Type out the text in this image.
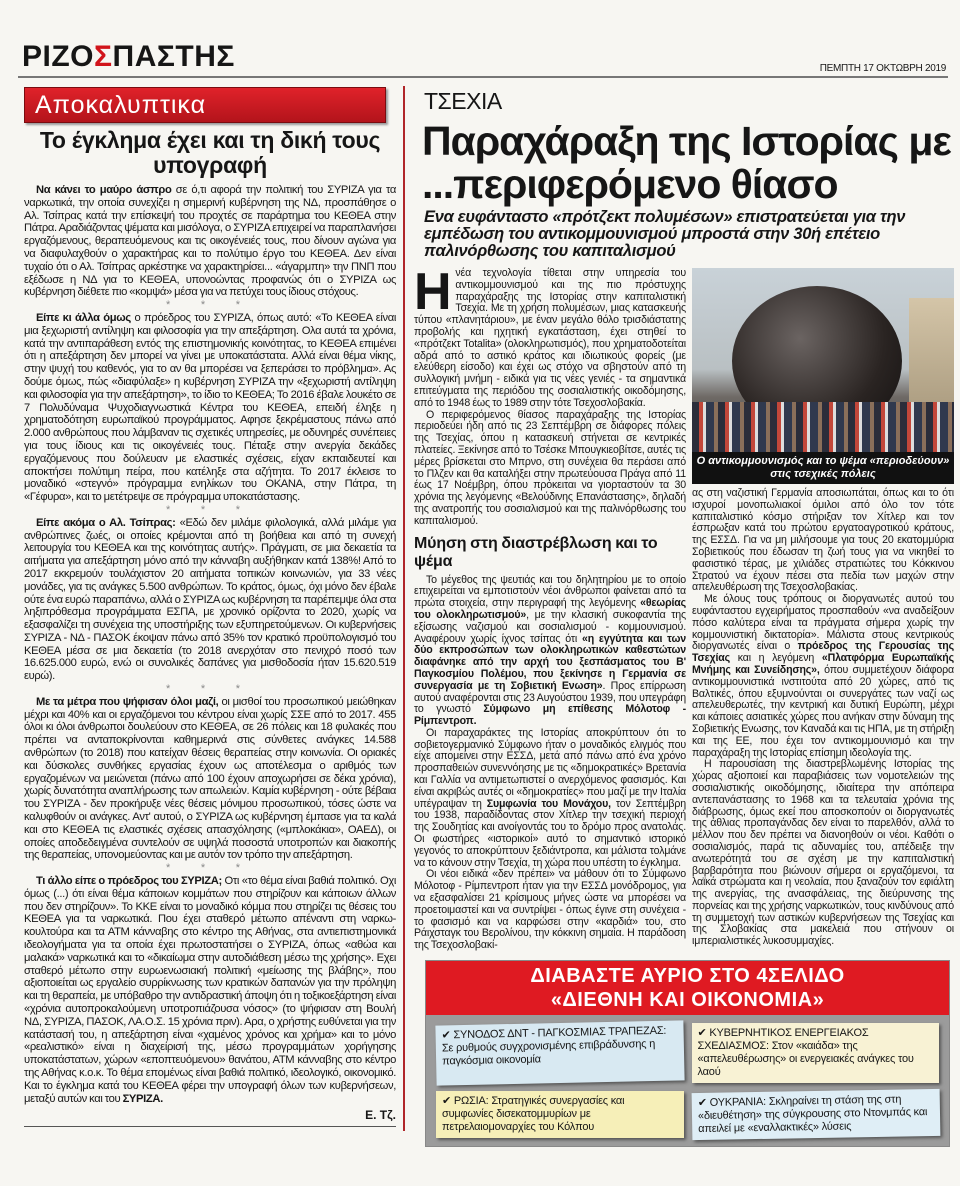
ΡΙΖΟΣΠΑΣΤΗΣ	ΠΕΜΠΤΗ 17 ΟΚΤΩΒΡΗ 2019
Αποκαλυπτικα
Το έγκλημα έχει και τη δική τους υπογραφή

Να κάνει το μαύρο άσπρο σε ό,τι αφορά την πολιτική του ΣΥΡΙΖΑ για τα ναρκωτικά, την οποία συνεχίζει η σημερινή κυβέρνηση της ΝΔ, προσπάθησε ο Αλ. Τσίπρας κατά την επίσκεψή του προχτές σε παράρτημα του ΚΕΘΕΑ στην Πάτρα. Αραδιάζοντας ψέματα και μισόλογα, ο ΣΥΡΙΖΑ επιχειρεί να παραπλανήσει εργαζόμενους, θεραπευόμενους και τις οικογένειές τους, που δίνουν αγώνα για να διαφυλαχθούν ο χαρακτήρας και το πολύτιμο έργο του ΚΕΘΕΑ. Δεν είναι τυχαίο ότι ο Αλ. Τσίπρας αρκέστηκε να χαρακτηρίσει... «άγαρμπη» την ΠΝΠ που εξέδωσε η ΝΔ για το ΚΕΘΕΑ, υπονοώντας προφανώς ότι ο ΣΥΡΙΖΑ ως κυβέρνηση διέθετε πιο «κομψά» μέσα για να πετύχει τους ίδιους στόχους.

* * *

Είπε κι άλλα όμως ο πρόεδρος του ΣΥΡΙΖΑ, όπως αυτό: «Το ΚΕΘΕΑ είναι μια ξεχωριστή αντίληψη και φιλοσοφία για την απεξάρτηση. Ολα αυτά τα χρόνια, κατά την αντιπαράθεση εντός της επιστημονικής κοινότητας, το ΚΕΘΕΑ επιμένει ότι η απεξάρτηση δεν μπορεί να γίνει με υποκατάστατα. Αλλά είναι θέμα νίκης, στην ψυχή του καθενός, για το αν θα μπορέσει να ξεπεράσει το πρόβλημα». Ας δούμε όμως, πώς «διαφύλαξε» η κυβέρνηση ΣΥΡΙΖΑ την «ξεχωριστή αντίληψη και φιλοσοφία για την απεξάρτηση», το ίδιο το ΚΕΘΕΑ; Το 2016 έβαλε λουκέτο σε 7 Πολυδύναμα Ψυχοδιαγνωστικά Κέντρα του ΚΕΘΕΑ, επειδή έληξε η χρηματοδότηση ευρωπαϊκού προγράμματος. Αφησε ξεκρέμαστους πάνω από 2.000 ανθρώπους που λάμβαναν τις σχετικές υπηρεσίες, με οδυνηρές συνέπειες για τους ίδιους και τις οικογένειές τους. Πέταξε στην ανεργία δεκάδες εργαζόμενους που δούλευαν με ελαστικές σχέσεις, είχαν εκπαιδευτεί και αποκτήσει πολύτιμη πείρα, που κατέληξε στα αζήτητα. Το 2017 έκλεισε το μοναδικό «στεγνό» πρόγραμμα ενηλίκων του ΟΚΑΝΑ, στην Πάτρα, τη «Γέφυρα», και το μετέτρεψε σε πρόγραμμα υποκατάστασης.

* * *

Είπε ακόμα ο Αλ. Τσίπρας: «Εδώ δεν μιλάμε φιλολογικά, αλλά μιλάμε για ανθρώπινες ζωές, οι οποίες κρέμονται από τη βοήθεια και από τη συνεχή λειτουργία του ΚΕΘΕΑ και της κοινότητας αυτής». Πράγματι, σε μια δεκαετία τα αιτήματα για απεξάρτηση μόνο από την κάνναβη αυξήθηκαν κατά 138%! Από το 2017 εκκρεμούν τουλάχιστον 20 αιτήματα τοπικών κοινωνιών, για 33 νέες μονάδες, για τις ανάγκες 5.500 ανθρώπων. Το κράτος, όμως, όχι μόνο δεν έβαλε ούτε ένα ευρώ παραπάνω, αλλά ο ΣΥΡΙΖΑ ως κυβέρνηση τα παρέπεμψε όλα στα ληξιπρόθεσμα προγράμματα ΕΣΠΑ, με χρονικό ορίζοντα το 2020, χωρίς να εξασφαλίζει τη συνέχεια της υποστήριξης των εξυπηρετούμενων. Οι κυβερνήσεις ΣΥΡΙΖΑ - ΝΔ - ΠΑΣΟΚ έκοψαν πάνω από 35% τον κρατικό προϋπολογισμό του ΚΕΘΕΑ μέσα σε μια δεκαετία (το 2018 ανερχόταν στο πενιχρό ποσό των 16.625.000 ευρώ, ενώ οι συνολικές δαπάνες για μισθοδοσία ήταν 15.620.519 ευρώ).

* * *

Με τα μέτρα που ψήφισαν όλοι μαζί, οι μισθοί του προσωπικού μειώθηκαν μέχρι και 40% και οι εργαζόμενοι του κέντρου είναι χωρίς ΣΣΕ από το 2017. 455 όλοι κι όλοι άνθρωποι δουλεύουν στο ΚΕΘΕΑ, σε 26 πόλεις και 18 φυλακές που πρέπει να ανταποκρίνονται καθημερινά στις σύνθετες ανάγκες 14.588 ανθρώπων (το 2018) που κατείχαν θέσεις θεραπείας στην κοινωνία. Οι οριακές και δύσκολες συνθήκες εργασίας έχουν ως αποτέλεσμα ο αριθμός των εργαζομένων να μειώνεται (πάνω από 100 έχουν αποχωρήσει σε δέκα χρόνια), χωρίς δυνατότητα αναπλήρωσης των απωλειών. Καμία κυβέρνηση - ούτε βέβαια του ΣΥΡΙΖΑ - δεν προκήρυξε νέες θέσεις μόνιμου προσωπικού, τόσες ώστε να καλυφθούν οι ανάγκες. Αντ' αυτού, ο ΣΥΡΙΖΑ ως κυβέρνηση έμπασε για τα καλά και στο ΚΕΘΕΑ τις ελαστικές σχέσεις απασχόλησης («μπλοκάκια», ΟΑΕΔ), οι οποίες αποδεδειγμένα συντελούν σε υψηλά ποσοστά υποτροπών και διακοπής της θεραπείας, υπονομεύοντας και με αυτόν τον τρόπο την απεξάρτηση.

* * *

Τι άλλο είπε ο πρόεδρος του ΣΥΡΙΖΑ; Οτι «το θέμα είναι βαθιά πολιτικό. Οχι όμως (...) ότι είναι θέμα κάποιων κομμάτων που στηρίζουν και κάποιων άλλων που δεν στηρίζουν». Το ΚΚΕ είναι το μοναδικό κόμμα που στηρίζει τις θέσεις του ΚΕΘΕΑ για τα ναρκωτικά. Που έχει σταθερό μέτωπο απέναντι στη ναρκω-κουλτούρα και τα ΑΤΜ κάνναβης στο κέντρο της Αθήνας, στα αντιεπιστημονικά ιδεολογήματα για τα οποία έχει πρωτοστατήσει ο ΣΥΡΙΖΑ, όπως «αθώα και μαλακά» ναρκωτικά και το «δικαίωμα στην αυτοδιάθεση μέσω της χρήσης». Εχει σταθερό μέτωπο στην ευρωενωσιακή πολιτική «μείωσης της βλάβης», που αξιοποιείται ως εργαλείο συρρίκνωσης των κρατικών δαπανών για την πρόληψη και τη θεραπεία, με υπόβαθρο την αντιδραστική άποψη ότι η τοξικοεξάρτηση είναι «χρόνια αυτοπροκαλούμενη υποτροπιάζουσα νόσος» (το ψήφισαν στη Βουλή ΝΔ, ΣΥΡΙΖΑ, ΠΑΣΟΚ, ΛΑ.Ο.Σ. 15 χρόνια πριν). Αρα, ο χρήστης ευθύνεται για την κατάστασή του, η απεξάρτηση είναι «χαμένος χρόνος και χρήμα» και το μόνο «ρεαλιστικό» είναι η διαχείρισή της, μέσω προγραμμάτων χορήγησης υποκατάστατων, χώρων «εποπτευόμενου» θανάτου, ΑΤΜ κάνναβης στο κέντρο της Αθήνας κ.ο.κ. Το θέμα επομένως είναι βαθιά πολιτικό, ιδεολογικό, οικονομικό. Και το έγκλημα κατά του ΚΕΘΕΑ φέρει την υπογραφή όλων των κυβερνήσεων, μεταξύ αυτών και του ΣΥΡΙΖΑ.

Ε. Τζ.
ΤΣΕΧΙΑ
Παραχάραξη της Ιστορίας με ...περιφερόμενο θίασο
Ενα ευφάνταστο «πρότζεκτ πολυμέσων» επιστρατεύεται για την εμπέδωση του αντικομμουνισμού μπροστά στην 30ή επέτειο παλινόρθωσης του καπιταλισμού

Ηνέα τεχνολογία τίθεται στην υπηρεσία του αντικομμουνισμού και της πιο πρόστυχης παραχάραξης της Ιστορίας στην καπιταλιστική Τσεχία. Με τη χρήση πολυμέσων, μιας κατασκευής τύπου «πλανητάριου», με έναν μεγάλο θόλο τρισδιάστατης προβολής και ηχητική εγκατάσταση, έχει στηθεί το «πρότζεκτ Totalita» (ολοκληρωτισμός), που χρηματοδοτείται αδρά από το αστικό κράτος και ιδιωτικούς φορείς (με ελεύθερη είσοδο) και έχει ως στόχο να σβηστούν από τη συλλογική μνήμη - ειδικά για τις νέες γενιές - τα σημαντικά επιτεύγματα της περιόδου της σοσιαλιστικής οικοδόμησης, από το 1948 έως το 1989 στην τότε Τσεχοσλοβακία.

Ο περιφερόμενος θίασος παραχάραξης της Ιστορίας περιοδεύει ήδη από τις 23 Σεπτέμβρη σε διάφορες πόλεις της Τσεχίας, όπου η κατασκευή στήνεται σε κεντρικές πλατείες. Ξεκίνησε από το Τσέσκε Μπουγκιεοβίτσε, αυτές τις μέρες βρίσκεται στο Μπρνο, στη συνέχεια θα περάσει από το Πλζεν και θα καταλήξει στην πρωτεύουσα Πράγα από 11 έως 17 Νοέμβρη, όπου πρόκειται να γιορταστούν τα 30 χρόνια της λεγόμενης «Βελούδινης Επανάστασης», δηλαδή της ανατροπής του σοσιαλισμού και της παλινόρθωσης του καπιταλισμού.

Μύηση στη διαστρέβλωση και το ψέμα

Το μέγεθος της ψευτιάς και του δηλητηρίου με το οποίο επιχειρείται να εμποτιστούν νέοι άνθρωποι φαίνεται από τα πρώτα στοιχεία, στην περιγραφή της λεγόμενης «θεωρίας του ολοκληρωτισμού», με την κλασική συκοφαντία της εξίσωσης ναζισμού και σοσιαλισμού - κομμουνισμού. Αναφέρουν χωρίς ίχνος τσίπας ότι «η εγγύτητα και των δύο εκπροσώπων των ολοκληρωτικών καθεστώτων διαφάνηκε από την αρχή του ξεσπάσματος του Β' Παγκοσμίου Πολέμου, που ξεκίνησε η Γερμανία σε συνεργασία με τη Σοβιετική Ενωση». Προς επίρρωση αυτού αναφέρονται στις 23 Αυγούστου 1939, που υπεγράφη το γνωστό Σύμφωνο μη επίθεσης Μόλοτοφ - Ρίμπεντροπ.

Οι παραχαράκτες της Ιστορίας αποκρύπτουν ότι το σοβιετογερμανικό Σύμφωνο ήταν ο μοναδικός ελιγμός που είχε απομείνει στην ΕΣΣΔ, μετά από πάνω από ένα χρόνο προσπαθειών συνεννόησης με τις «δημοκρατικές» Βρετανία και Γαλλία να αντιμετωπιστεί ο ανερχόμενος φασισμός. Και είναι ακριβώς αυτές οι «δημοκρατίες» που μαζί με την Ιταλία υπέγραψαν τη Συμφωνία του Μονάχου, τον Σεπτέμβρη του 1938, παραδίδοντας στον Χίτλερ την τσεχική περιοχή της Σουδητίας και ανοίγοντάς του το δρόμο προς ανατολάς. Οι φωστήρες «ιστορικοί» αυτό το σημαντικό ιστορικό γεγονός το αποκρύπτουν ξεδιάντροπα, και μάλιστα τολμάνε να το κάνουν στην Τσεχία, τη χώρα που υπέστη το έγκλημα.

Οι νέοι ειδικά «δεν πρέπει» να μάθουν ότι το Σύμφωνο Μόλοτοφ - Ρίμπεντροπ ήταν για την ΕΣΣΔ μονόδρομος, για να εξασφαλίσει 21 κρίσιμους μήνες ώστε να μπορέσει να προετοιμαστεί και να συντρίψει - όπως έγινε στη συνέχεια - το φασισμό και να καρφώσει στην «καρδιά» του, στο Ράιχσταγκ του Βερολίνου, την κόκκινη σημαία. Η παράδοση της Τσεχοσλοβακί-

Ο αντικομμουνισμός και το ψέμα «περιοδεύουν» στις τσεχικές πόλεις

ας στη ναζιστική Γερμανία αποσιωπάται, όπως και το ότι ισχυροί μονοπωλιακοί όμιλοι από όλο τον τότε καπιταλιστικό κόσμο στήριξαν τον Χίτλερ και τον έσπρωξαν κατά του πρώτου εργατοαγροτικού κράτους, της ΕΣΣΔ. Για να μη μιλήσουμε για τους 20 εκατομμύρια Σοβιετικούς που έδωσαν τη ζωή τους για να νικηθεί το φασιστικό τέρας, με χιλιάδες στρατιώτες του Κόκκινου Στρατού να έχουν πέσει στα πεδία των μαχών στην απελευθέρωση της Τσεχοσλοβακίας.

Με όλους τους τρόπους οι διοργανωτές αυτού του ευφάνταστου εγχειρήματος προσπαθούν «να αναδείξουν πόσο καλύτερα είναι τα πράγματα σήμερα χωρίς την κομμουνιστική δικτατορία». Μάλιστα στους κεντρικούς διοργανωτές είναι ο πρόεδρος της Γερουσίας της Τσεχίας και η λεγόμενη «Πλατφόρμα Ευρωπαϊκής Μνήμης και Συνείδησης», όπου συμμετέχουν διάφορα αντικομμουνιστικά ινστιτούτα από 20 χώρες, από τις Βαλτικές, όπου εξυμνούνται οι συνεργάτες των ναζί ως απελευθερωτές, την κεντρική και δυτική Ευρώπη, μέχρι και κάποιες ασιατικές χώρες που ανήκαν στην δύναμη της Σοβιετικής Ενωσης, τον Καναδά και τις ΗΠΑ, με τη στήριξη και της ΕΕ, που έχει τον αντικομμουνισμό και την παραχάραξη της Ιστορίας επίσημη ιδεολογία της.

Η παρουσίαση της διαστρεβλωμένης Ιστορίας της χώρας αξιοποιεί και παραβιάσεις των νομοτελειών της σοσιαλιστικής οικοδόμησης, ιδιαίτερα την απόπειρα αντεπανάστασης το 1968 και τα τελευταία χρόνια της διάβρωσης, όμως εκεί που αποσκοπούν οι διοργανωτές της άθλιας προπαγάνδας δεν είναι το παρελθόν, αλλά το μέλλον που δεν πρέπει να διανοηθούν οι νέοι. Καθότι ο σοσιαλισμός, παρά τις αδυναμίες του, απέδειξε την ανωτερότητά του σε σχέση με την καπιταλιστική βαρβαρότητα που βιώνουν σήμερα οι εργαζόμενοι, τα λαϊκά στρώματα και η νεολαία, που ξαναζούν τον εφιάλτη της ανεργίας, της ανασφάλειας, της διεύρυνσης της πορνείας και της χρήσης ναρκωτικών, τους κινδύνους από τη συμμετοχή των αστικών κυβερνήσεων της Τσεχίας και της Σλοβακίας στα μακελειά που στήνουν οι ιμπεριαλιστικές λυκοσυμμαχίες.

ΔΙΑΒΑΣΤΕ ΑΥΡΙΟ ΣΤΟ 4ΣΕΛΙΔΟ
«ΔΙΕΘΝΗ ΚΑΙ ΟΙΚΟΝΟΜΙΑ»
✔ ΣΥΝΟΔΟΣ ΔΝΤ - ΠΑΓΚΟΣΜΙΑΣ ΤΡΑΠΕΖΑΣ: Σε ρυθμούς συγχρονισμένης επιβράδυνσης η παγκόσμια οικονομία
✔ ΚΥΒΕΡΝΗΤΙΚΟΣ ΕΝΕΡΓΕΙΑΚΟΣ ΣΧΕΔΙΑΣΜΟΣ: Στον «καιάδα» της «απελευθέρωσης» οι ενεργειακές ανάγκες του λαού
✔ ΡΩΣΙΑ: Στρατηγικές συνεργασίες και συμφωνίες δισεκατομμυρίων με πετρελαιομοναρχίες του Κόλπου
✔ ΟΥΚΡΑΝΙΑ: Σκληραίνει τη στάση της στη «διευθέτηση» της σύγκρουσης στο Ντονμπάς και απειλεί με «εναλλακτικές» λύσεις
